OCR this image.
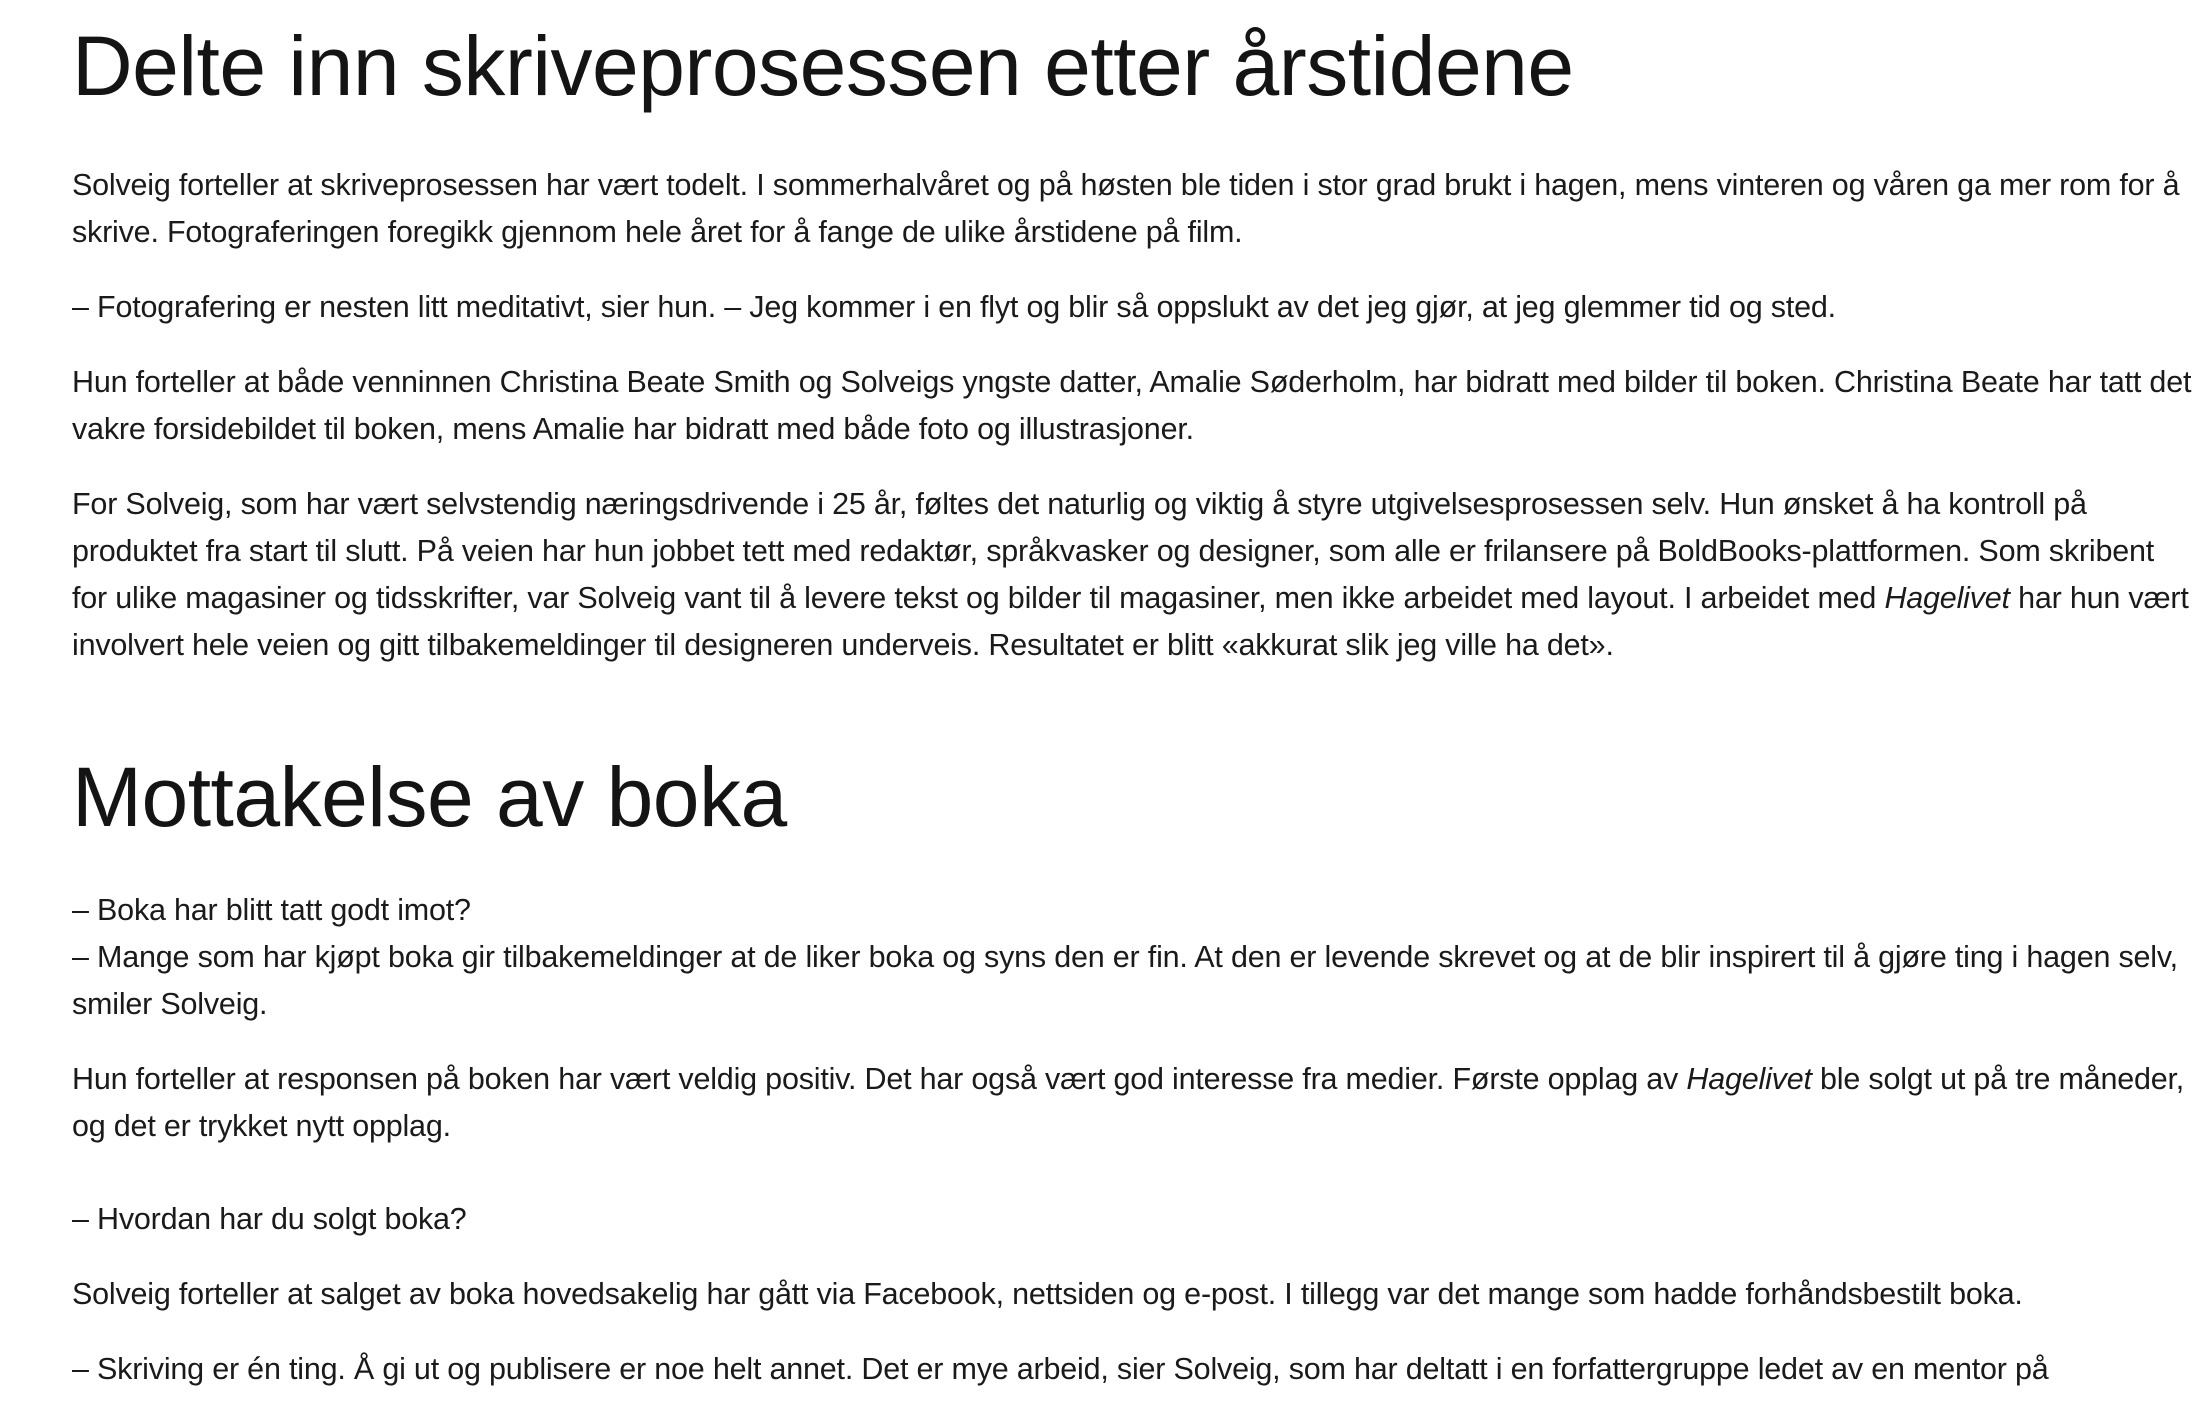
Delte inn skriveprosessen etter årstidene

Solveig forteller at skriveprosessen har vært todelt. I sommerhalvåret og på høsten ble tiden i stor grad brukt i hagen, mens vinteren og våren ga mer rom for å skrive. Fotograferingen foregikk gjennom hele året for å fange de ulike årstidene på film.

– Fotografering er nesten litt meditativt, sier hun. – Jeg kommer i en flyt og blir så oppslukt av det jeg gjør, at jeg glemmer tid og sted.

Hun forteller at både venninnen Christina Beate Smith og Solveigs yngste datter, Amalie Søderholm, har bidratt med bilder til boken. Christina Beate har tatt det vakre forsidebildet til boken, mens Amalie har bidratt med både foto og illustrasjoner.

For Solveig, som har vært selvstendig næringsdrivende i 25 år, føltes det naturlig og viktig å styre utgivelsesprosessen selv. Hun ønsket å ha kontroll på produktet fra start til slutt. På veien har hun jobbet tett med redaktør, språkvasker og designer, som alle er frilansere på BoldBooks-plattformen. Som skribent for ulike magasiner og tidsskrifter, var Solveig vant til å levere tekst og bilder til magasiner, men ikke arbeidet med layout. I arbeidet med Hagelivet har hun vært involvert hele veien og gitt tilbakemeldinger til designeren underveis. Resultatet er blitt «akkurat slik jeg ville ha det».

Mottakelse av boka

– Boka har blitt tatt godt imot?
– Mange som har kjøpt boka gir tilbakemeldinger at de liker boka og syns den er fin. At den er levende skrevet og at de blir inspirert til å gjøre ting i hagen selv, smiler Solveig.

Hun forteller at responsen på boken har vært veldig positiv. Det har også vært god interesse fra medier. Første opplag av Hagelivet ble solgt ut på tre måneder, og det er trykket nytt opplag.

– Hvordan har du solgt boka?

Solveig forteller at salget av boka hovedsakelig har gått via Facebook, nettsiden og e-post. I tillegg var det mange som hadde forhåndsbestilt boka.

– Skriving er én ting. Å gi ut og publisere er noe helt annet. Det er mye arbeid, sier Solveig, som har deltatt i en forfattergruppe ledet av en mentor på
